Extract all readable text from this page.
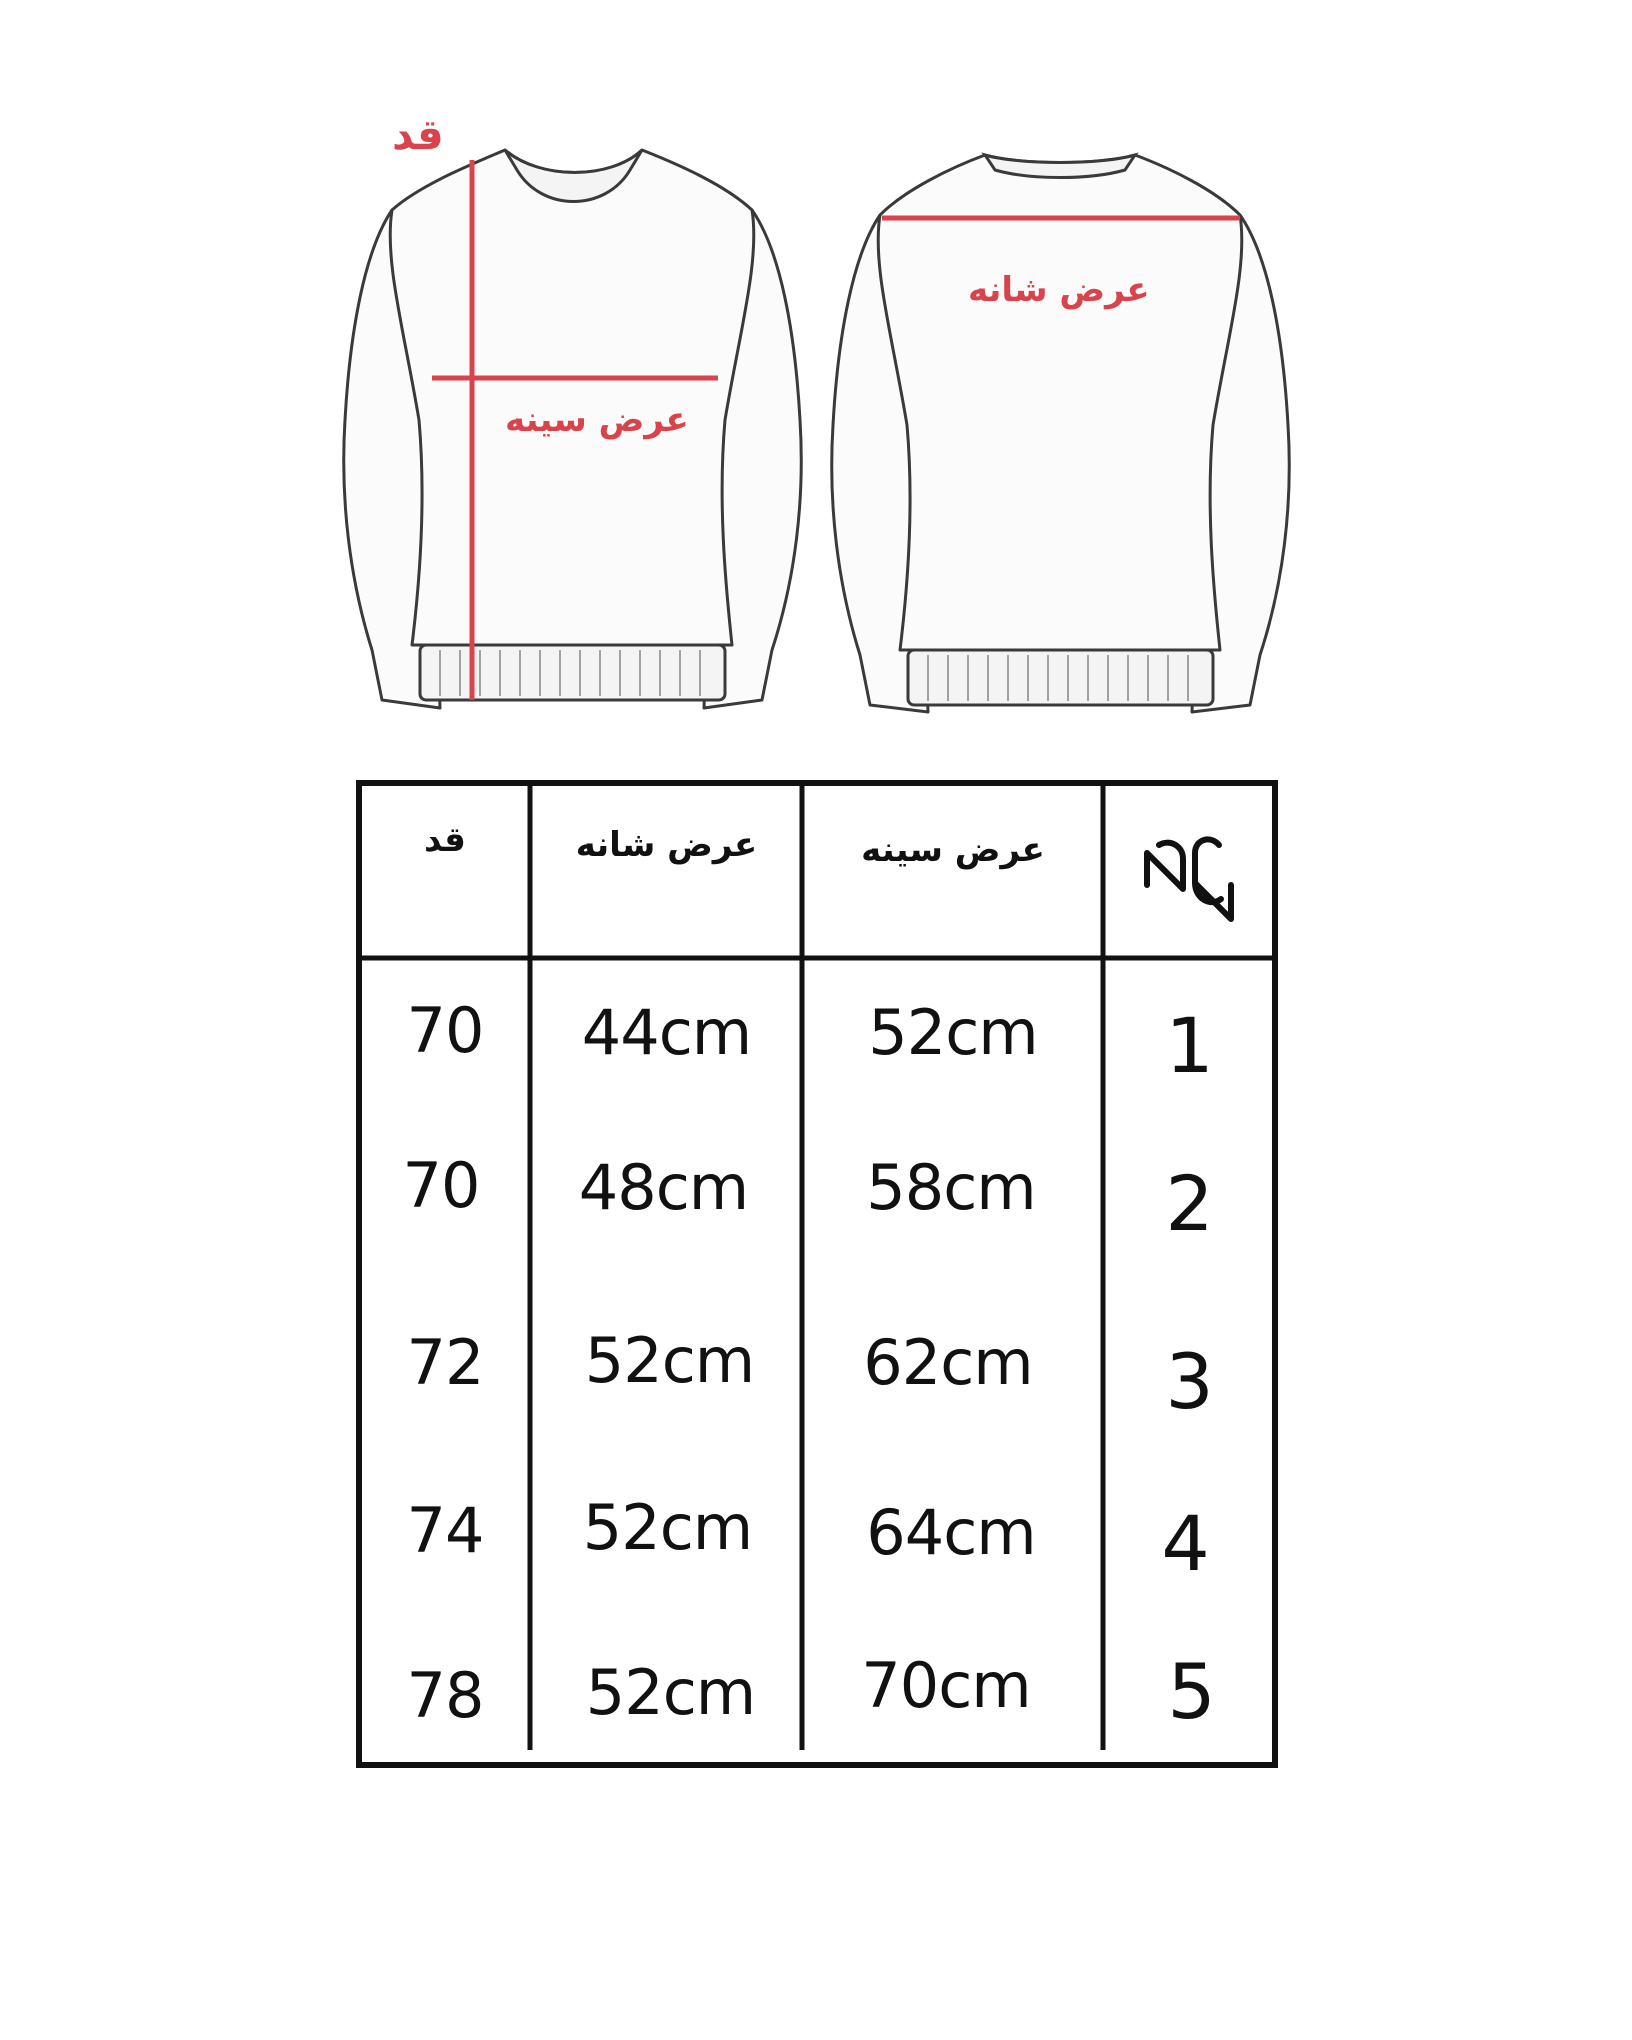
قد
عرض سینه
عرض شانه
قد	عرض شانه	عرض سینه
70	44cm	52cm	1
70	48cm	58cm	2
72	52cm	62cm	3
74	52cm	64cm	4
78	52cm	70cm	5
